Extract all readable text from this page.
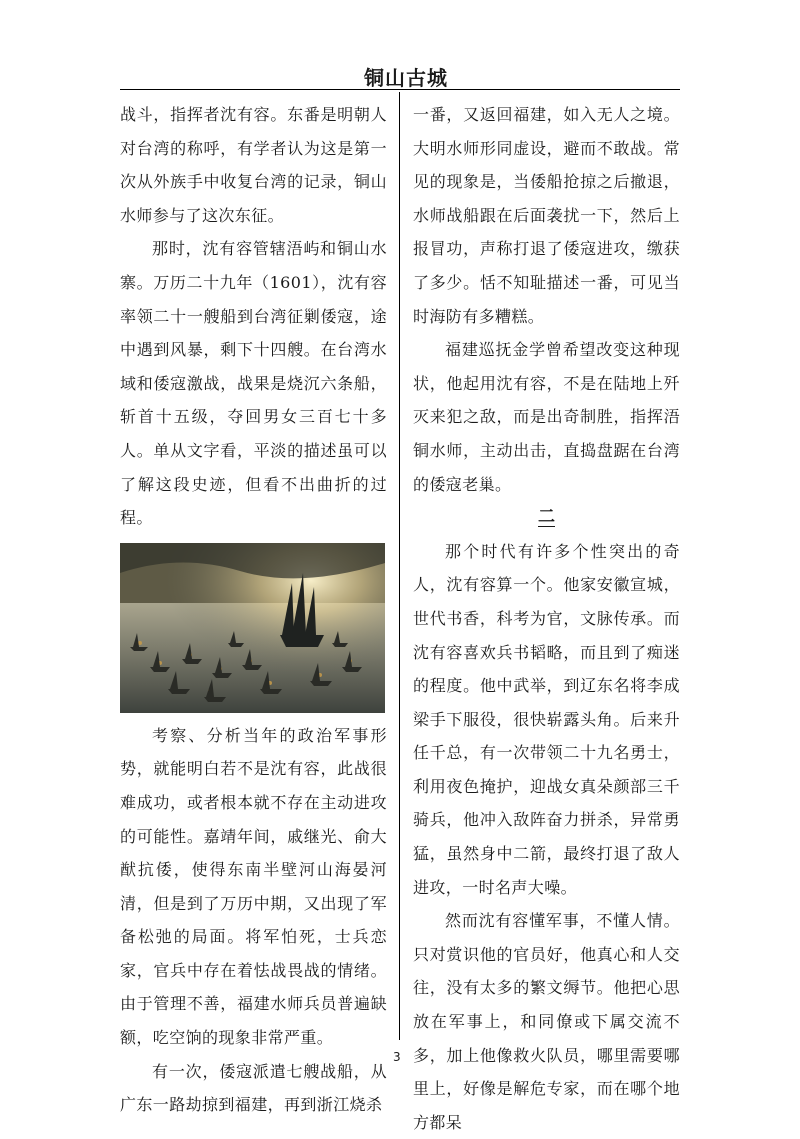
铜山古城

战斗，指挥者沈有容。东番是明朝人对台湾的称呼，有学者认为这是第一次从外族手中收复台湾的记录，铜山水师参与了这次东征。

那时，沈有容管辖浯屿和铜山水寨。万历二十九年（1601），沈有容率领二十一艘船到台湾征剿倭寇，途中遇到风暴，剩下十四艘。在台湾水域和倭寇激战，战果是烧沉六条船，斩首十五级，夺回男女三百七十多人。单从文字看，平淡的描述虽可以了解这段史迹，但看不出曲折的过程。

考察、分析当年的政治军事形势，就能明白若不是沈有容，此战很难成功，或者根本就不存在主动进攻的可能性。嘉靖年间，戚继光、俞大猷抗倭，使得东南半壁河山海晏河清，但是到了万历中期，又出现了军备松弛的局面。将军怕死，士兵恋家，官兵中存在着怯战畏战的情绪。由于管理不善，福建水师兵员普遍缺额，吃空饷的现象非常严重。

有一次，倭寇派遣七艘战船，从广东一路劫掠到福建，再到浙江烧杀

一番，又返回福建，如入无人之境。大明水师形同虚设，避而不敢战。常见的现象是，当倭船抢掠之后撤退，水师战船跟在后面袭扰一下，然后上报冒功，声称打退了倭寇进攻，缴获了多少。恬不知耻描述一番，可见当时海防有多糟糕。

福建巡抚金学曾希望改变这种现状，他起用沈有容，不是在陆地上歼灭来犯之敌，而是出奇制胜，指挥浯铜水师，主动出击，直捣盘踞在台湾的倭寇老巢。

二

那个时代有许多个性突出的奇人，沈有容算一个。他家安徽宣城，世代书香，科考为官，文脉传承。而沈有容喜欢兵书韬略，而且到了痴迷的程度。他中武举，到辽东名将李成梁手下服役，很快崭露头角。后来升任千总，有一次带领二十九名勇士，利用夜色掩护，迎战女真朵颜部三千骑兵，他冲入敌阵奋力拼杀，异常勇猛，虽然身中二箭，最终打退了敌人进攻，一时名声大噪。

然而沈有容懂军事，不懂人情。只对赏识他的官员好，他真心和人交往，没有太多的繁文缛节。他把心思放在军事上，和同僚或下属交流不多，加上他像救火队员，哪里需要哪里上，好像是解危专家，而在哪个地方都呆

3
